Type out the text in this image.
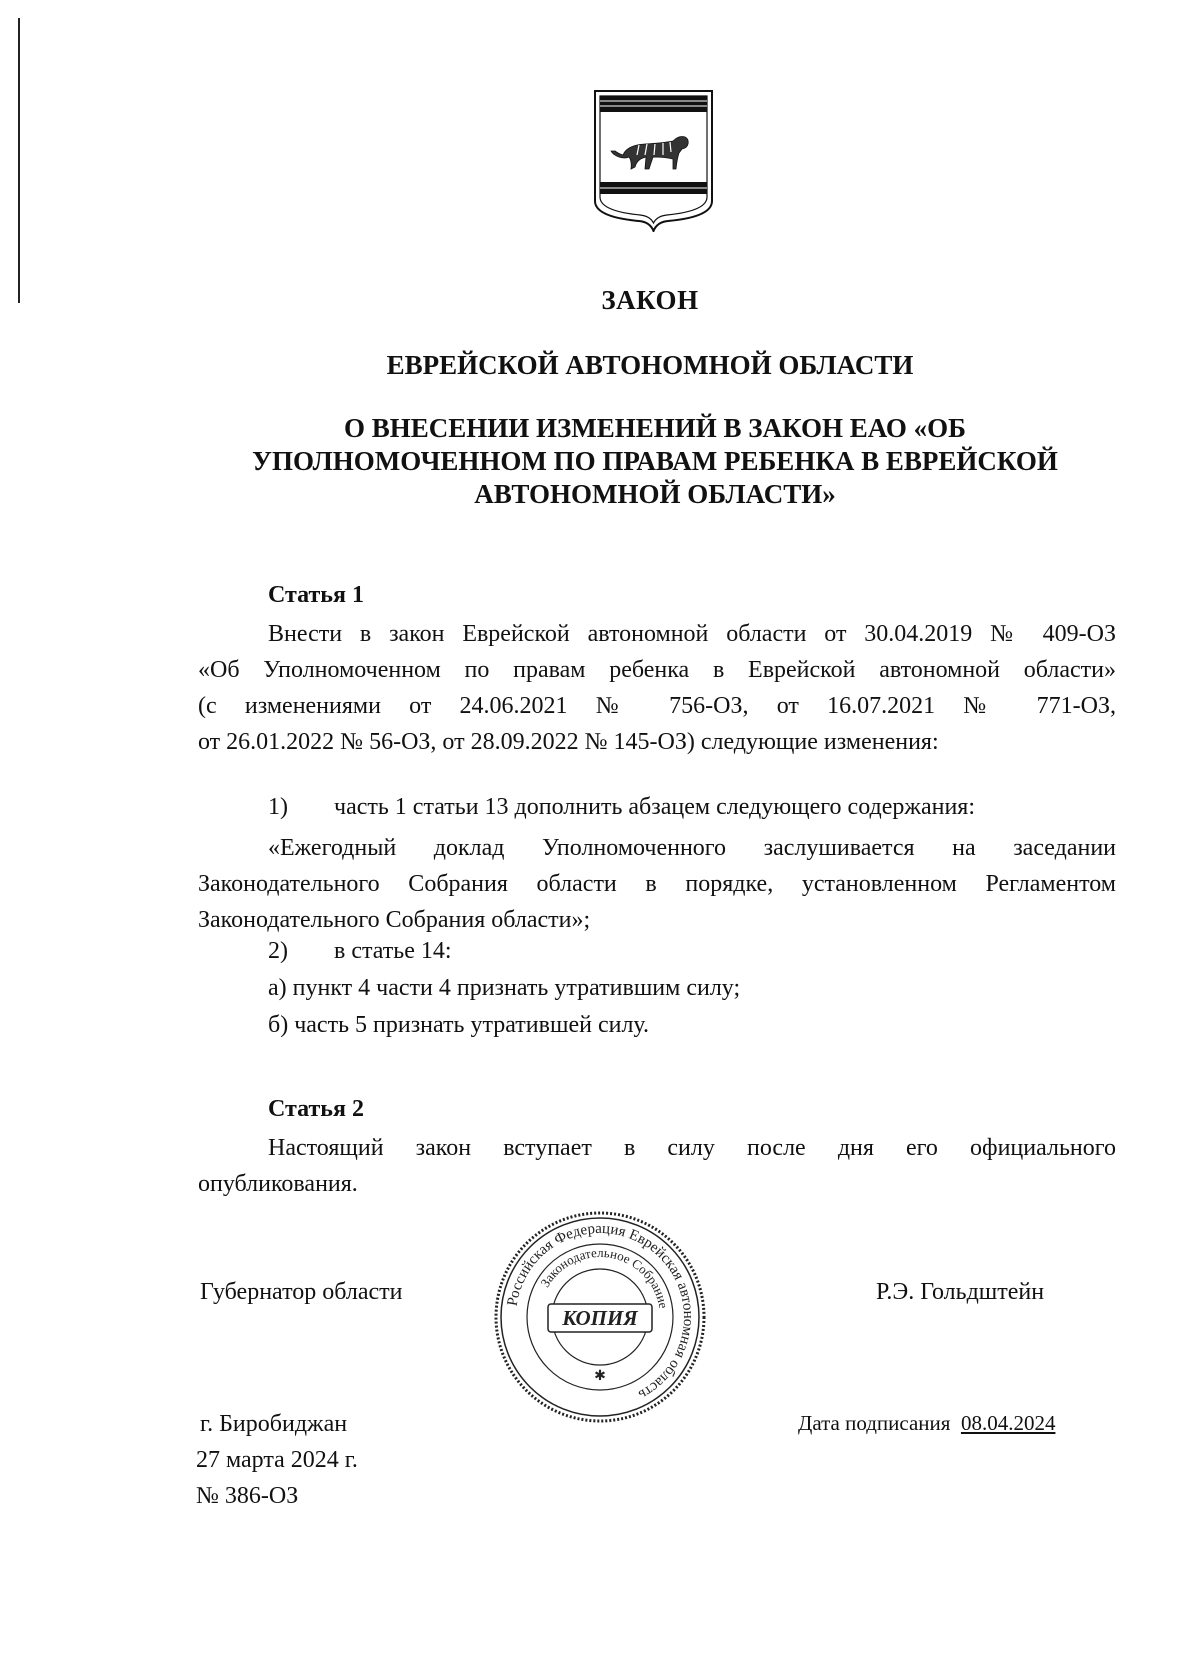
ЗАКОН
ЕВРЕЙСКОЙ АВТОНОМНОЙ ОБЛАСТИ
О ВНЕСЕНИИ ИЗМЕНЕНИЙ В ЗАКОН ЕАО «ОБ
УПОЛНОМОЧЕННОМ ПО ПРАВАМ РЕБЕНКА В ЕВРЕЙСКОЙ
АВТОНОМНОЙ ОБЛАСТИ»
Статья 1
Внести в закон Еврейской автономной области от 30.04.2019 № 409-ОЗ
«Об Уполномоченном по правам ребенка в Еврейской автономной области»
(с изменениями от 24.06.2021 № 756-ОЗ, от 16.07.2021 № 771-ОЗ,
от 26.01.2022 № 56-ОЗ, от 28.09.2022 № 145-ОЗ) следующие изменения:
1) часть 1 статьи 13 дополнить абзацем следующего содержания:
«Ежегодный доклад Уполномоченного заслушивается на заседании
Законодательного Собрания области в порядке, установленном Регламентом
Законодательного Собрания области»;
2) в статье 14:
а) пункт 4 части 4 признать утратившим силу;
б) часть 5 признать утратившей силу.
Статья 2
Настоящий закон вступает в силу после дня его официального
опубликования.
Губернатор области	Р.Э. Гольдштейн
Российская Федерация Еврейская автономная область
Законодательное Собрание
КОПИЯ
✱
г. Биробиджан
27 марта 2024 г.
№ 386-ОЗ
Дата подписания 08.04.2024
